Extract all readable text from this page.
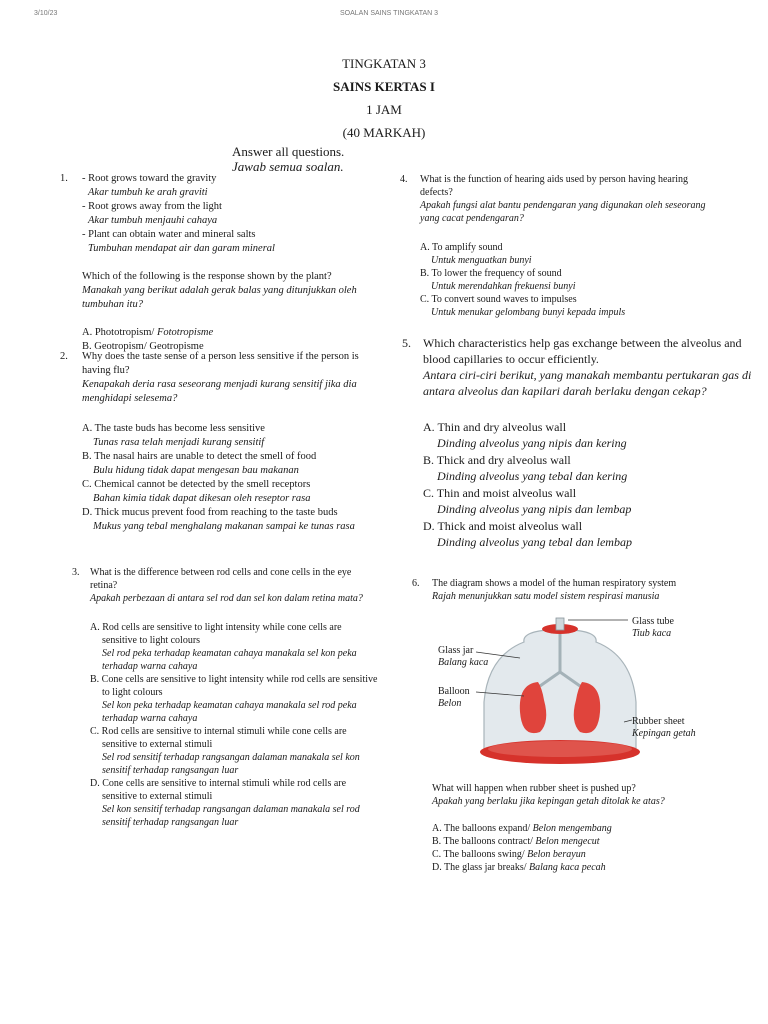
3/10/23	SOALAN SAINS TINGKATAN 3
TINGKATAN 3
SAINS KERTAS I
1 JAM
(40 MARKAH)
Answer all questions.
Jawab semua soalan.
1. - Root grows toward the gravity
Akar tumbuh ke arah graviti
- Root grows away from the light
Akar tumbuh menjauhi cahaya
- Plant can obtain water and mineral salts
Tumbuhan mendapat air dan garam mineral
Which of the following is the response shown by the plant?
Manakah yang berikut adalah gerak balas yang ditunjukkan oleh
tumbuhan itu?
A. Phototropism/ Fototropisme
B. Geotropism/ Geotropisme
2. Why does the taste sense of a person less sensitive if the person is
having flu?
Kenapakah deria rasa seseorang menjadi kurang sensitif jika dia
menghidapi selesema?
A. The taste buds has become less sensitive
Tunas rasa telah menjadi kurang sensitif
B. The nasal hairs are unable to detect the smell of food
Bulu hidung tidak dapat mengesan bau makanan
C. Chemical cannot be detected by the smell receptors
Bahan kimia tidak dapat dikesan oleh reseptor rasa
D. Thick mucus prevent food from reaching to the taste buds
Mukus yang tebal menghalang makanan sampai ke tunas rasa
3. What is the difference between rod cells and cone cells in the eye
retina?
Apakah perbezaan di antara sel rod dan sel kon dalam retina mata?
A. Rod cells are sensitive to light intensity while cone cells are
sensitive to light colours
Sel rod peka terhadap keamatan cahaya manakala sel kon peka
terhadap warna cahaya
B. Cone cells are sensitive to light intensity while rod cells are sensitive
to light colours
Sel kon peka terhadap keamatan cahaya manakala sel rod peka
terhadap warna cahaya
C. Rod cells are sensitive to internal stimuli while cone cells are
sensitive to external stimuli
Sel rod sensitif terhadap rangsangan dalaman manakala sel kon
sensitif terhadap rangsangan luar
D. Cone cells are sensitive to internal stimuli while rod cells are
sensitive to external stimuli
Sel kon sensitif terhadap rangsangan dalaman manakala sel rod
sensitif terhadap rangsangan luar
4. What is the function of hearing aids used by person having hearing
defects?
Apakah fungsi alat bantu pendengaran yang digunakan oleh seseorang
yang cacat pendengaran?
A. To amplify sound
Untuk menguatkan bunyi
B. To lower the frequency of sound
Untuk merendahkan frekuensi bunyi
C. To convert sound waves to impulses
Untuk menukar gelombang bunyi kepada impuls
5. Which characteristics help gas exchange between the alveolus and
blood capillaries to occur efficiently.
Antara ciri-ciri berikut, yang manakah membantu pertukaran gas di
antara alveolus dan kapilari darah berlaku dengan cekap?
A. Thin and dry alveolus wall
Dinding alveolus yang nipis dan kering
B. Thick and dry alveolus wall
Dinding alveolus yang tebal dan kering
C. Thin and moist alveolus wall
Dinding alveolus yang nipis dan lembap
D. Thick and moist alveolus wall
Dinding alveolus yang tebal dan lembap
6. The diagram shows a model of the human respiratory system
Rajah menunjukkan satu model sistem respirasi manusia
Glass tube
Tiub kaca
Glass jar
Balang kaca
Balloon
Belon
Rubber sheet
Kepingan getah
What will happen when rubber sheet is pushed up?
Apakah yang berlaku jika kepingan getah ditolak ke atas?
A. The balloons expand/ Belon mengembang
B. The balloons contract/ Belon mengecut
C. The balloons swing/ Belon berayun
D. The glass jar breaks/ Balang kaca pecah
